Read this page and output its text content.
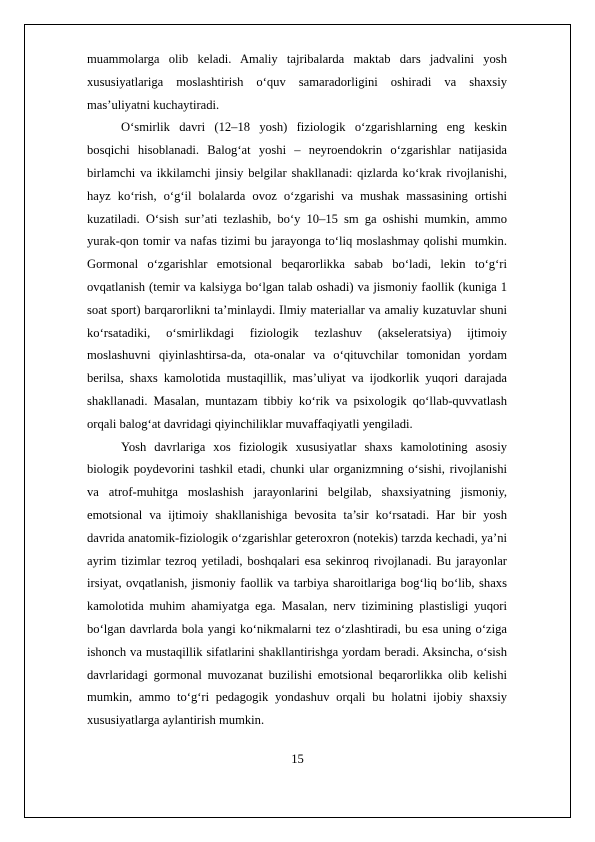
muammolarga olib keladi. Amaliy tajribalarda maktab dars jadvalini yosh xususiyatlariga moslashtirish o‘quv samaradorligini oshiradi va shaxsiy mas’uliyatni kuchaytiradi.

O‘smirlik davri (12–18 yosh) fiziologik o‘zgarishlarning eng keskin bosqichi hisoblanadi. Balog‘at yoshi – neyroendokrin o‘zgarishlar natijasida birlamchi va ikkilamchi jinsiy belgilar shakllanadi: qizlarda ko‘krak rivojlanishi, hayz ko‘rish, o‘g‘il bolalarda ovoz o‘zgarishi va mushak massasining ortishi kuzatiladi. O‘sish sur’ati tezlashib, bo‘y 10–15 sm ga oshishi mumkin, ammo yurak-qon tomir va nafas tizimi bu jarayonga to‘liq moslashmay qolishi mumkin. Gormonal o‘zgarishlar emotsional beqarorlikka sabab bo‘ladi, lekin to‘g‘ri ovqatlanish (temir va kalsiyga bo‘lgan talab oshadi) va jismoniy faollik (kuniga 1 soat sport) barqarorlikni ta’minlaydi. Ilmiy materiallar va amaliy kuzatuvlar shuni ko‘rsatadiki, o‘smirlikdagi fiziologik tezlashuv (akseleratsiya) ijtimoiy moslashuvni qiyinlashtirsa-da, ota-onalar va o‘qituvchilar tomonidan yordam berilsa, shaxs kamolotida mustaqillik, mas’uliyat va ijodkorlik yuqori darajada shakllanadi. Masalan, muntazam tibbiy ko‘rik va psixologik qo‘llab-quvvatlash orqali balog‘at davridagi qiyinchiliklar muvaffaqiyatli yengiladi.

Yosh davrlariga xos fiziologik xususiyatlar shaxs kamolotining asosiy biologik poydevorini tashkil etadi, chunki ular organizmning o‘sishi, rivojlanishi va atrof-muhitga moslashish jarayonlarini belgilab, shaxsiyatning jismoniy, emotsional va ijtimoiy shakllanishiga bevosita ta’sir ko‘rsatadi. Har bir yosh davrida anatomik-fiziologik o‘zgarishlar geteroxron (notekis) tarzda kechadi, ya’ni ayrim tizimlar tezroq yetiladi, boshqalari esa sekinroq rivojlanadi. Bu jarayonlar irsiyat, ovqatlanish, jismoniy faollik va tarbiya sharoitlariga bog‘liq bo‘lib, shaxs kamolotida muhim ahamiyatga ega. Masalan, nerv tizimining plastisligi yuqori bo‘lgan davrlarda bola yangi ko‘nikmalarni tez o‘zlashtiradi, bu esa uning o‘ziga ishonch va mustaqillik sifatlarini shakllantirishga yordam beradi. Aksincha, o‘sish davrlaridagi gormonal muvozanat buzilishi emotsional beqarorlikka olib kelishi mumkin, ammo to‘g‘ri pedagogik yondashuv orqali bu holatni ijobiy shaxsiy xususiyatlarga aylantirish mumkin.

15
